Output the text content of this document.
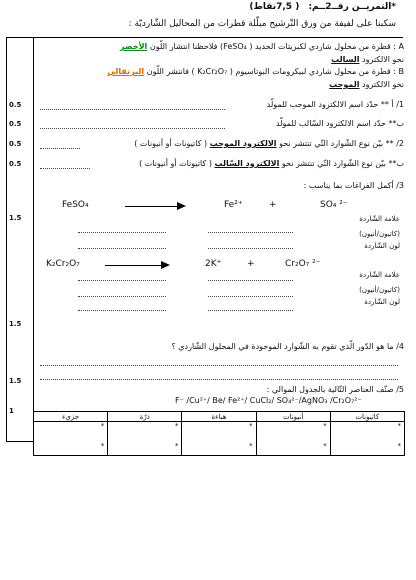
*التمريــن رقــ2ــم: ( 7,5نقاط)
سكبنا على لفيفة من ورق التّرشيح مبلّلة قطرات من المحاليل الشّارديّة :
A : قطرة من محلول شاردي لكبريتات الحديد ( FeSO₄) فلاحظنا انتشار اللّون الأخضر
نحو الالكترود السالب
B : قطرة من محلول شاردي لبيكرومات البوتاسيوم ( K₂Cr₂O₇ ) فانتشر اللّون البرتقالي
نحو الالكترود الموجب
0.5
0.5
0.5
0.5
1.5
1.5
1.5
1
1/ أ ** حدّد اسم الالكترود الموجب للمولّد
ب** حدّد اسم الالكترود السّالب للمولّد
2/ ** بيّن نوع الشّوارد التّي تنتشر نحو الالكترود الموجب ( كاتيونات أو أنيونات )
ب** بيّن نوع الشّوارد التّي تنتشر نحو الالكترود السّالب ( كاتيونات أو أنيونات )
3/ أكمل الفراغات بما يناسب :
FeSO₄	Fe²⁺	+	SO₄ ²⁻
علامة الشّاردة
(كاتيون/أنيون)
لون الشّاردة
K₂Cr₂O₇	2K⁺	+	Cr₂O₇ ²⁻
علامة الشّاردة
(كاتيون/أنيون)
لون الشّاردة
4/ ما هو الدّور الّذي تقوم به الشّوارد الموجودة في المحلول الشّاردي ؟
5/ صنّف العناصر التّالية بالجدول الموالي :
F⁻ /Cu²⁺/ Be/ Fe²⁺/ CuCl₂/ SO₄²⁻/AgNO₃ /Cr₂O₇²⁻
جزيء	ذرّة	هباءة	أنيونات	كاتيونات

*
*	*
*	*
*	*
*	*
*
